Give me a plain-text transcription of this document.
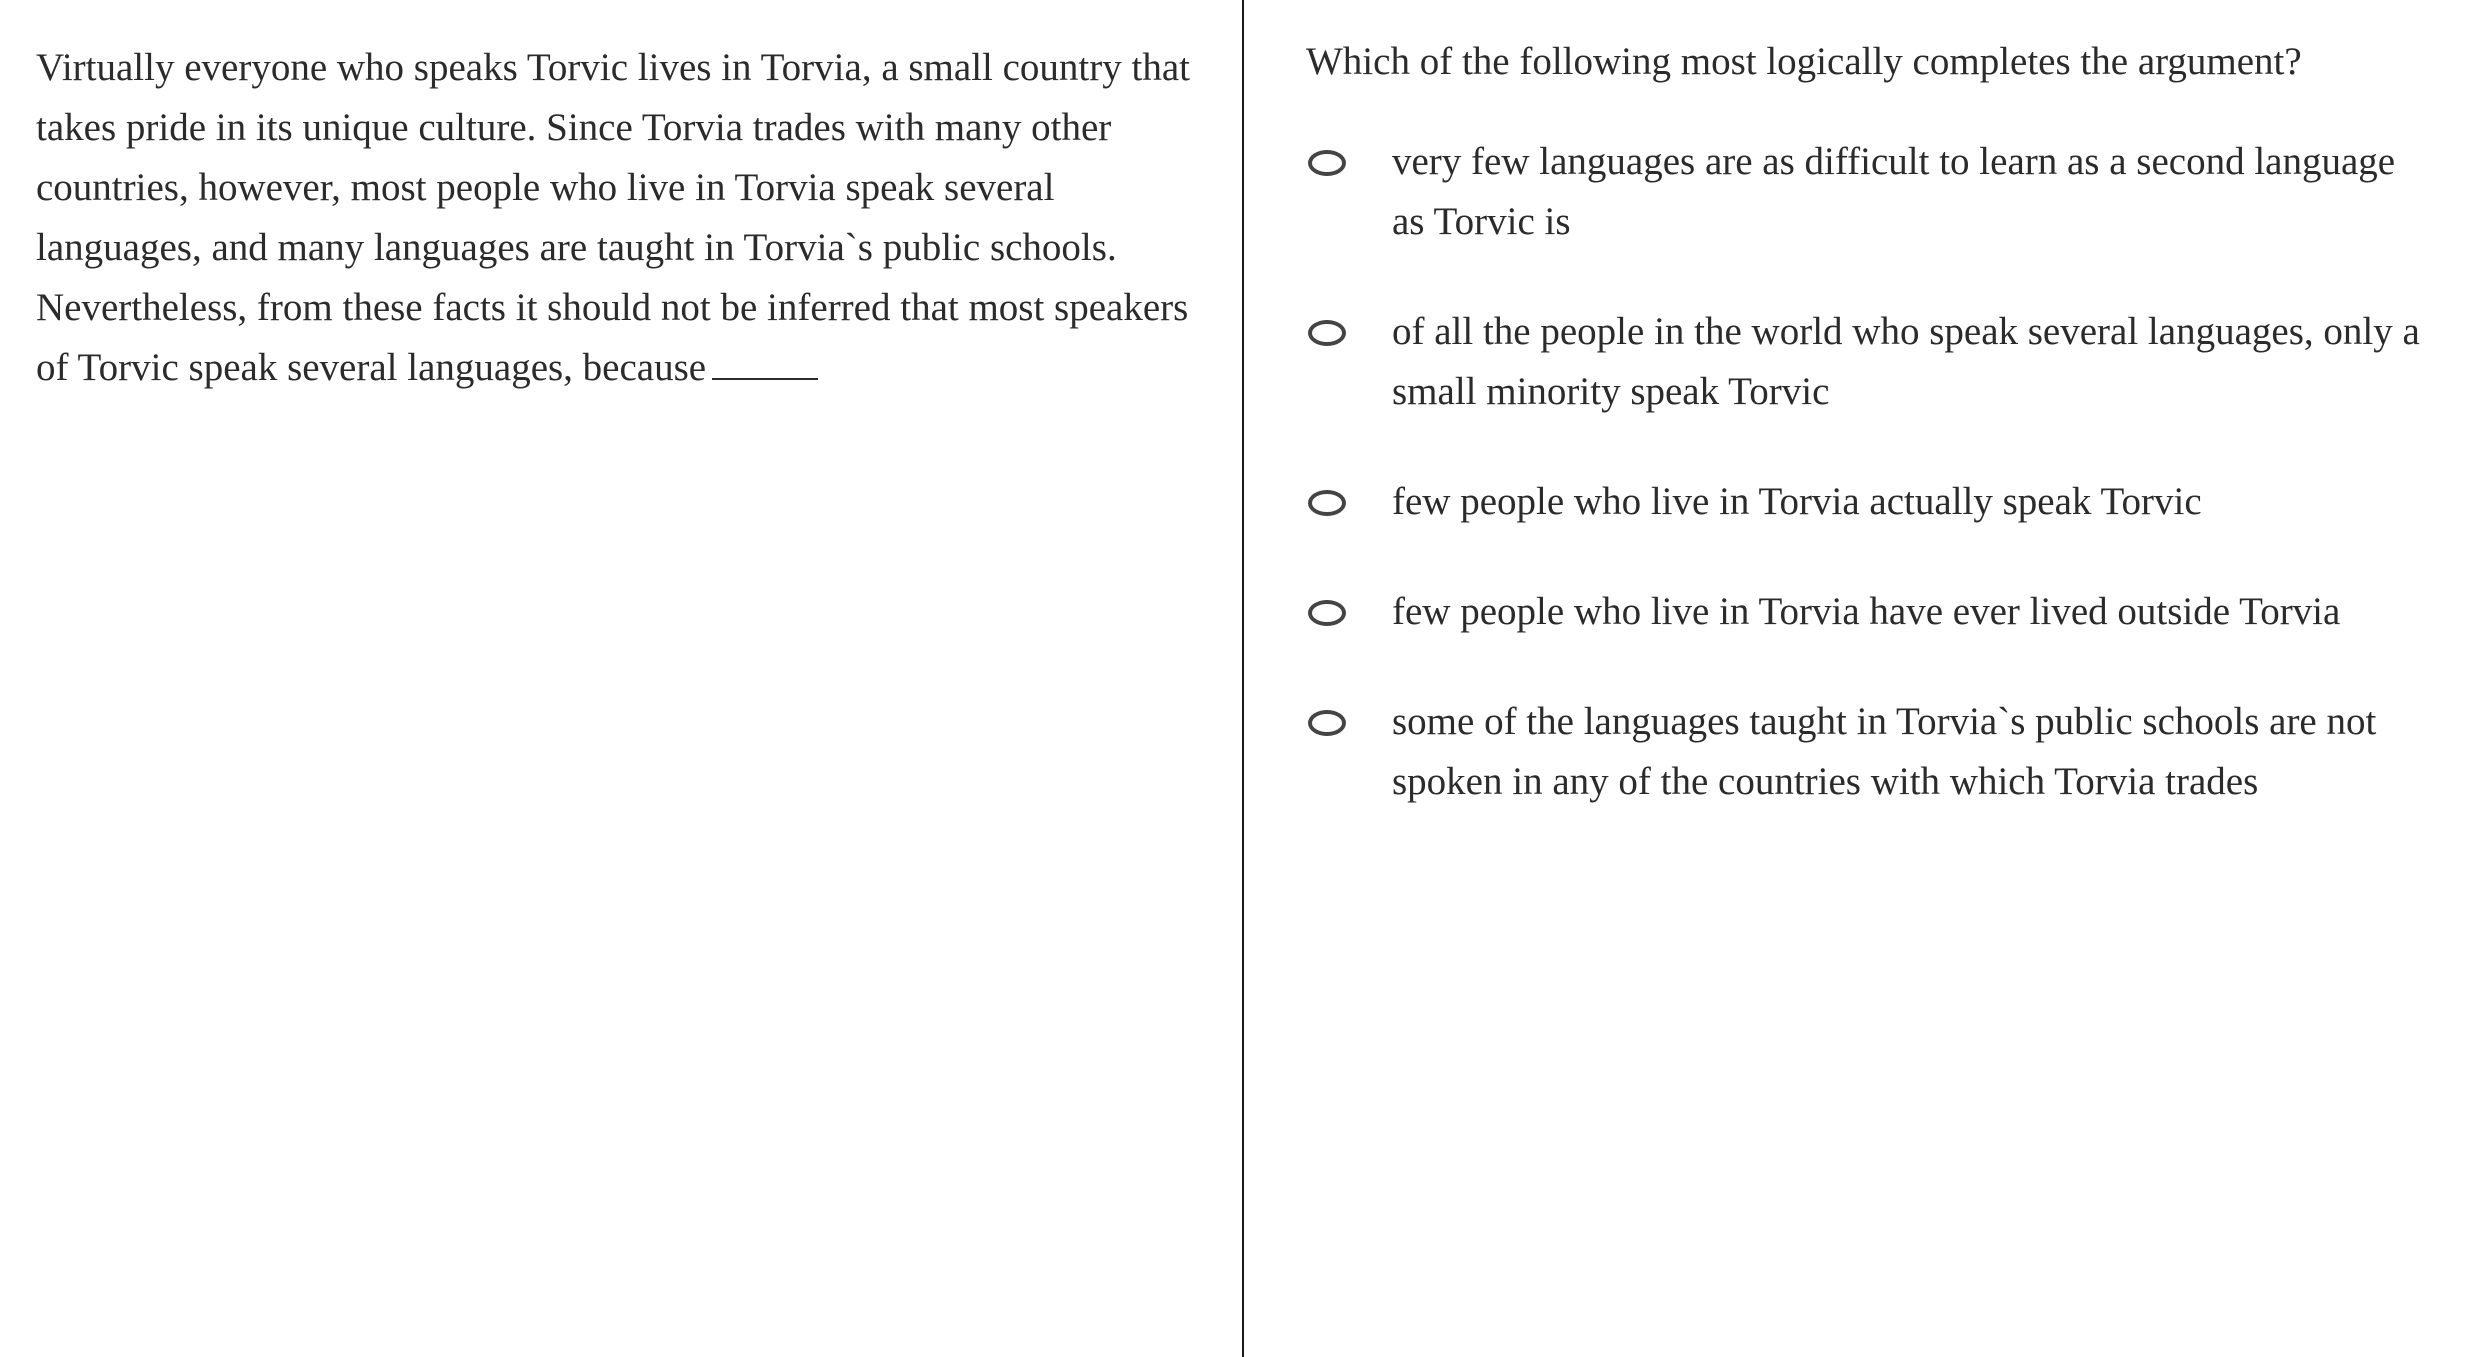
Virtually everyone who speaks Torvic lives in Torvia, a small country that takes pride in its unique culture. Since Torvia trades with many other countries, however, most people who live in Torvia speak several languages, and many languages are taught in Torvia`s public schools. Nevertheless, from these facts it should not be inferred that most speakers of Torvic speak several languages, because

Which of the following most logically completes the argument?

very few languages are as difficult to learn as a second language as Torvic is
of all the people in the world who speak several languages, only a small minority speak Torvic
few people who live in Torvia actually speak Torvic
few people who live in Torvia have ever lived outside Torvia
some of the languages taught in Torvia`s public schools are not spoken in any of the countries with which Torvia trades
